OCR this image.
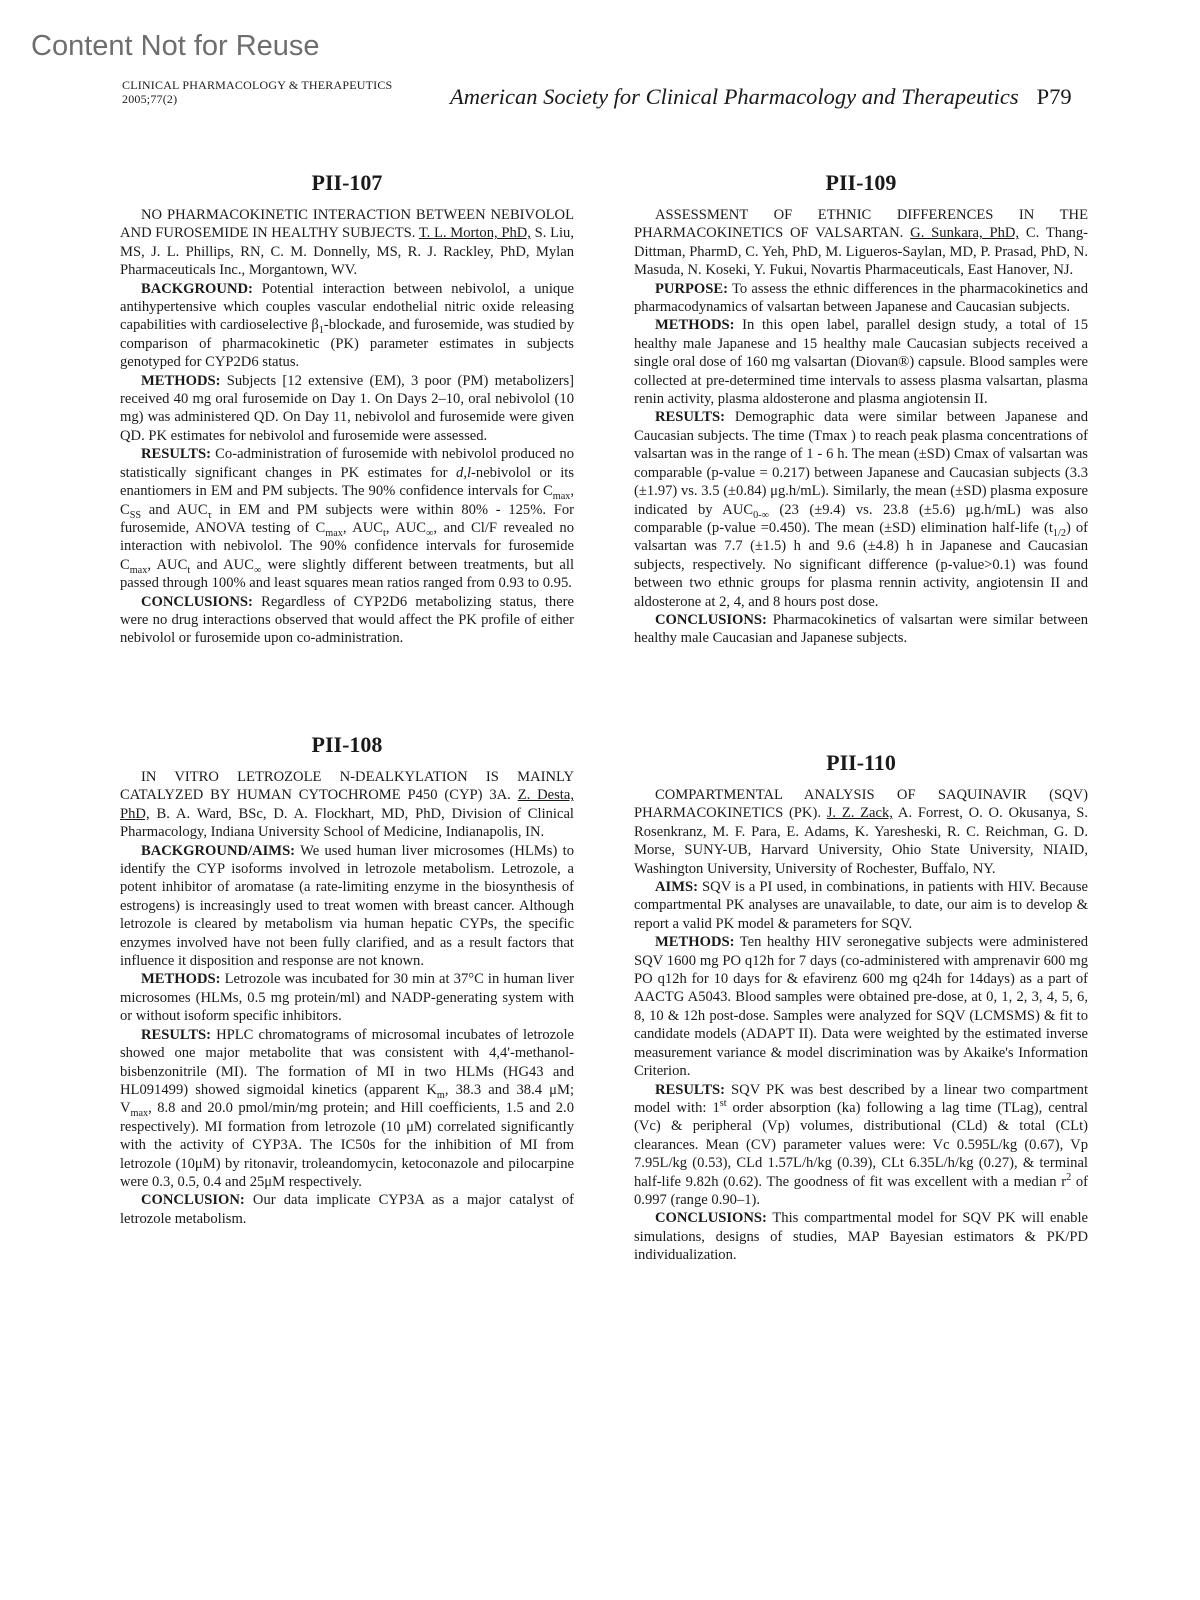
Content Not for Reuse
CLINICAL PHARMACOLOGY & THERAPEUTICS
2005;77(2)	American Society for Clinical Pharmacology and Therapeutics P79
PII-107

NO PHARMACOKINETIC INTERACTION BETWEEN NEBIVOLOL AND FUROSEMIDE IN HEALTHY SUBJECTS. T. L. Morton, PhD, S. Liu, MS, J. L. Phillips, RN, C. M. Donnelly, MS, R. J. Rackley, PhD, Mylan Pharmaceuticals Inc., Morgantown, WV.

BACKGROUND: Potential interaction between nebivolol, a unique antihypertensive which couples vascular endothelial nitric oxide releasing capabilities with cardioselective $\beta_1$-blockade, and furosemide, was studied by comparison of pharmacokinetic (PK) parameter estimates in subjects genotyped for CYP2D6 status.

METHODS: Subjects [12 extensive (EM), 3 poor (PM) metabolizers] received 40 mg oral furosemide on Day 1. On Days 2–10, oral nebivolol (10 mg) was administered QD. On Day 11, nebivolol and furosemide were given QD. PK estimates for nebivolol and furosemide were assessed.

RESULTS: Co-administration of furosemide with nebivolol produced no statistically significant changes in PK estimates for d,l-nebivolol or its enantiomers in EM and PM subjects. The 90% confidence intervals for $C_{max}$, $C_{SS}$ and $AUC_\tau$ in EM and PM subjects were within 80% - 125%. For furosemide, ANOVA testing of $C_{max}$, $AUC_t$, $AUC_\infty$, and Cl/F revealed no interaction with nebivolol. The 90% confidence intervals for furosemide $C_{max}$, $AUC_t$ and $AUC_\infty$ were slightly different between treatments, but all passed through 100% and least squares mean ratios ranged from 0.93 to 0.95.

CONCLUSIONS: Regardless of CYP2D6 metabolizing status, there were no drug interactions observed that would affect the PK profile of either nebivolol or furosemide upon co-administration.

PII-108

IN VITRO LETROZOLE N-DEALKYLATION IS MAINLY CATALYZED BY HUMAN CYTOCHROME P450 (CYP) 3A. Z. Desta, PhD, B. A. Ward, BSc, D. A. Flockhart, MD, PhD, Division of Clinical Pharmacology, Indiana University School of Medicine, Indianapolis, IN.

BACKGROUND/AIMS: We used human liver microsomes (HLMs) to identify the CYP isoforms involved in letrozole metabolism. Letrozole, a potent inhibitor of aromatase (a rate-limiting enzyme in the biosynthesis of estrogens) is increasingly used to treat women with breast cancer. Although letrozole is cleared by metabolism via human hepatic CYPs, the specific enzymes involved have not been fully clarified, and as a result factors that influence it disposition and response are not known.

METHODS: Letrozole was incubated for 30 min at 37°C in human liver microsomes (HLMs, 0.5 mg protein/ml) and NADP-generating system with or without isoform specific inhibitors.

RESULTS: HPLC chromatograms of microsomal incubates of letrozole showed one major metabolite that was consistent with 4,4'-methanol-bisbenzonitrile (MI). The formation of MI in two HLMs (HG43 and HL091499) showed sigmoidal kinetics (apparent $K_m$, 38.3 and 38.4 μM; $V_{max}$, 8.8 and 20.0 pmol/min/mg protein; and Hill coefficients, 1.5 and 2.0 respectively). MI formation from letrozole (10 μM) correlated significantly with the activity of CYP3A. The IC50s for the inhibition of MI from letrozole (10μM) by ritonavir, troleandomycin, ketoconazole and pilocarpine were 0.3, 0.5, 0.4 and 25μM respectively.

CONCLUSION: Our data implicate CYP3A as a major catalyst of letrozole metabolism.

PII-109

ASSESSMENT OF ETHNIC DIFFERENCES IN THE PHARMACOKINETICS OF VALSARTAN. G. Sunkara, PhD, C. Thang-Dittman, PharmD, C. Yeh, PhD, M. Ligueros-Saylan, MD, P. Prasad, PhD, N. Masuda, N. Koseki, Y. Fukui, Novartis Pharmaceuticals, East Hanover, NJ.

PURPOSE: To assess the ethnic differences in the pharmacokinetics and pharmacodynamics of valsartan between Japanese and Caucasian subjects.

METHODS: In this open label, parallel design study, a total of 15 healthy male Japanese and 15 healthy male Caucasian subjects received a single oral dose of 160 mg valsartan (Diovan®) capsule. Blood samples were collected at pre-determined time intervals to assess plasma valsartan, plasma renin activity, plasma aldosterone and plasma angiotensin II.

RESULTS: Demographic data were similar between Japanese and Caucasian subjects. The time (Tmax ) to reach peak plasma concentrations of valsartan was in the range of 1 - 6 h. The mean (±SD) Cmax of valsartan was comparable (p-value = 0.217) between Japanese and Caucasian subjects (3.3 (±1.97) vs. 3.5 (±0.84) μg.h/mL). Similarly, the mean (±SD) plasma exposure indicated by $AUC_{0-\infty}$ (23 (±9.4) vs. 23.8 (±5.6) μg.h/mL) was also comparable (p-value =0.450). The mean (±SD) elimination half-life $(t_{1/2})$ of valsartan was 7.7 (±1.5) h and 9.6 (±4.8) h in Japanese and Caucasian subjects, respectively. No significant difference (p-value>0.1) was found between two ethnic groups for plasma rennin activity, angiotensin II and aldosterone at 2, 4, and 8 hours post dose.

CONCLUSIONS: Pharmacokinetics of valsartan were similar between healthy male Caucasian and Japanese subjects.

PII-110

COMPARTMENTAL ANALYSIS OF SAQUINAVIR (SQV) PHARMACOKINETICS (PK). J. Z. Zack, A. Forrest, O. O. Okusanya, S. Rosenkranz, M. F. Para, E. Adams, K. Yaresheski, R. C. Reichman, G. D. Morse, SUNY-UB, Harvard University, Ohio State University, NIAID, Washington University, University of Rochester, Buffalo, NY.

AIMS: SQV is a PI used, in combinations, in patients with HIV. Because compartmental PK analyses are unavailable, to date, our aim is to develop & report a valid PK model & parameters for SQV.

METHODS: Ten healthy HIV seronegative subjects were administered SQV 1600 mg PO q12h for 7 days (co-administered with amprenavir 600 mg PO q12h for 10 days for & efavirenz 600 mg q24h for 14days) as a part of AACTG A5043. Blood samples were obtained pre-dose, at 0, 1, 2, 3, 4, 5, 6, 8, 10 & 12h post-dose. Samples were analyzed for SQV (LCMSMS) & fit to candidate models (ADAPT II). Data were weighted by the estimated inverse measurement variance & model discrimination was by Akaike's Information Criterion.

RESULTS: SQV PK was best described by a linear two compartment model with: 1st order absorption (ka) following a lag time (TLag), central (Vc) & peripheral (Vp) volumes, distributional (CLd) & total (CLt) clearances. Mean (CV) parameter values were: Vc 0.595L/kg (0.67), Vp 7.95L/kg (0.53), CLd 1.57L/h/kg (0.39), CLt 6.35L/h/kg (0.27), & terminal half-life 9.82h (0.62). The goodness of fit was excellent with a median $r^2$ of 0.997 (range 0.90–1).

CONCLUSIONS: This compartmental model for SQV PK will enable simulations, designs of studies, MAP Bayesian estimators & PK/PD individualization.
